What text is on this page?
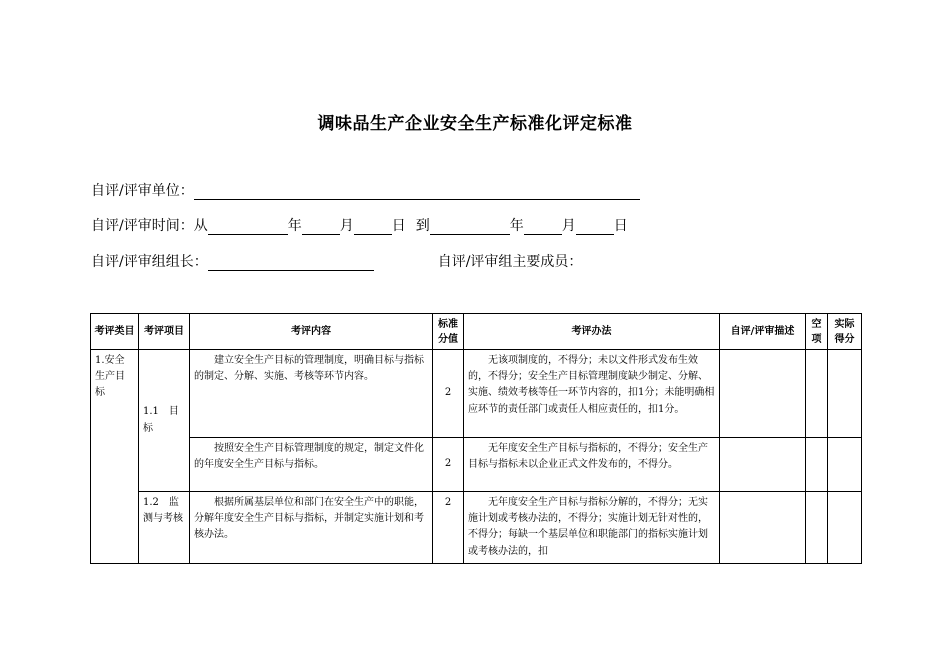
调味品生产企业安全生产标准化评定标准
自评/评审单位：
自评/评审时间：从	年	月	日 到	年	月	日
自评/评审组组长：	自评/评审组主要成员：
考评类目	考评项目	考评内容	标准分值	考评办法	自评/评审描述	空项	实际得分
1.安全生产目标	1.1　目标	建立安全生产目标的管理制度，明确目标与指标的制定、分解、实施、考核等环节内容。	2	无该项制度的，不得分；未以文件形式发布生效的，不得分；安全生产目标管理制度缺少制定、分解、实施、绩效考核等任一环节内容的，扣1分；未能明确相应环节的责任部门或责任人相应责任的，扣1分。			
		按照安全生产目标管理制度的规定，制定文件化的年度安全生产目标与指标。	2	无年度安全生产目标与指标的，不得分；安全生产目标与指标未以企业正式文件发布的，不得分。			
	1.2　监测与考核	根据所属基层单位和部门在安全生产中的职能，分解年度安全生产目标与指标，并制定实施计划和考核办法。	2	无年度安全生产目标与指标分解的，不得分；无实施计划或考核办法的，不得分；实施计划无针对性的，不得分；每缺一个基层单位和职能部门的指标实施计划或考核办法的，扣			
